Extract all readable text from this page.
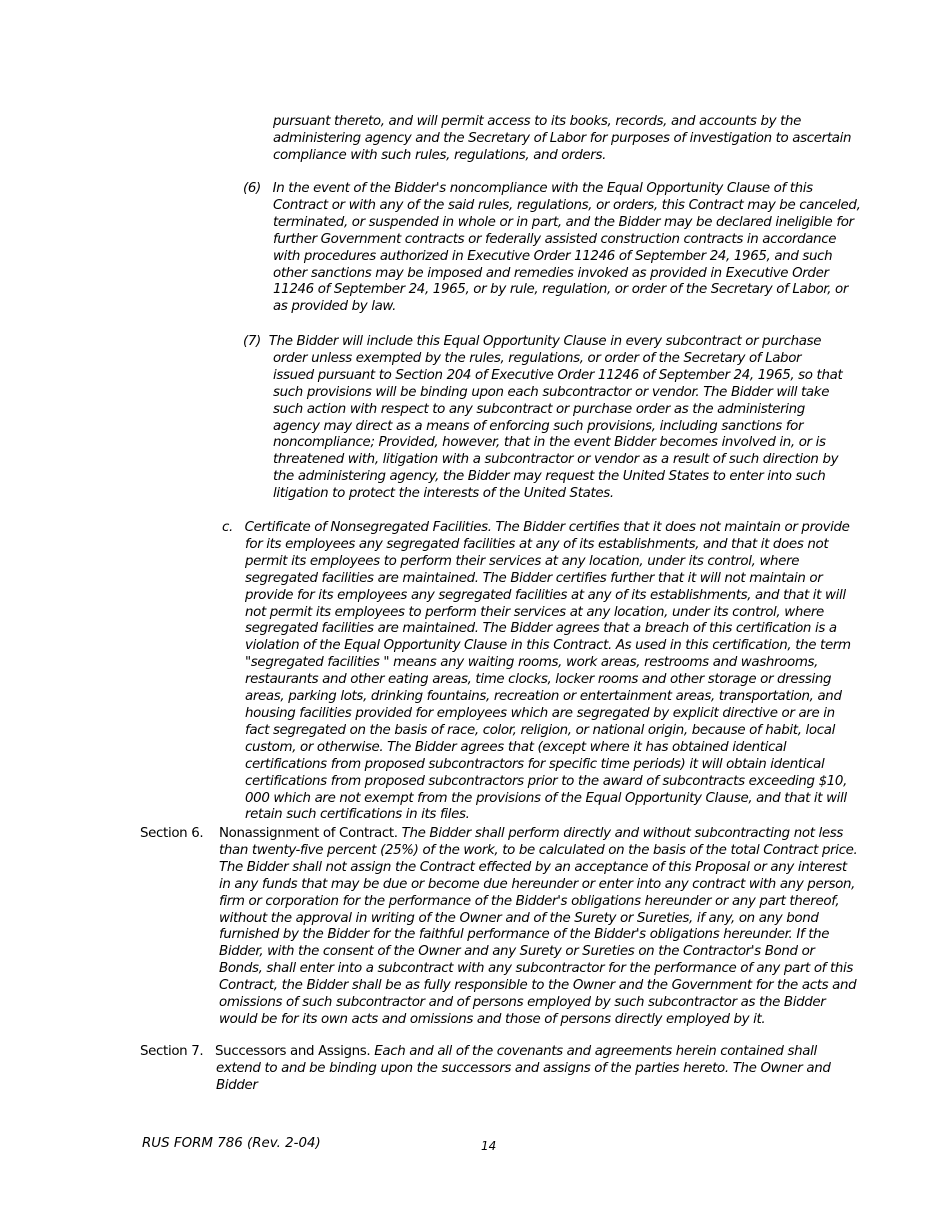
pursuant thereto, and will permit access to its books, records, and accounts by the administering agency and the Secretary of Labor for purposes of investigation to ascertain compliance with such rules, regulations, and orders.

(6) In the event of the Bidder's noncompliance with the Equal Opportunity Clause of this Contract or with any of the said rules, regulations, or orders, this Contract may be canceled, terminated, or suspended in whole or in part, and the Bidder may be declared ineligible for further Government contracts or federally assisted construction contracts in accordance with procedures authorized in Executive Order 11246 of September 24, 1965, and such other sanctions may be imposed and remedies invoked as provided in Executive Order 11246 of September 24, 1965, or by rule, regulation, or order of the Secretary of Labor, or as provided by law.

(7) The Bidder will include this Equal Opportunity Clause in every subcontract or purchase order unless exempted by the rules, regulations, or order of the Secretary of Labor issued pursuant to Section 204 of Executive Order 11246 of September 24, 1965, so that such provisions will be binding upon each subcontractor or vendor. The Bidder will take such action with respect to any subcontract or purchase order as the administering agency may direct as a means of enforcing such provisions, including sanctions for noncompliance; Provided, however, that in the event Bidder becomes involved in, or is threatened with, litigation with a subcontractor or vendor as a result of such direction by the administering agency, the Bidder may request the United States to enter into such litigation to protect the interests of the United States.

c. Certificate of Nonsegregated Facilities. The Bidder certifies that it does not maintain or provide for its employees any segregated facilities at any of its establishments, and that it does not permit its employees to perform their services at any location, under its control, where segregated facilities are maintained. The Bidder certifies further that it will not maintain or provide for its employees any segregated facilities at any of its establishments, and that it will not permit its employees to perform their services at any location, under its control, where segregated facilities are maintained. The Bidder agrees that a breach of this certification is a violation of the Equal Opportunity Clause in this Contract. As used in this certification, the term "segregated facilities " means any waiting rooms, work areas, restrooms and washrooms, restaurants and other eating areas, time clocks, locker rooms and other storage or dressing areas, parking lots, drinking fountains, recreation or entertainment areas, transportation, and housing facilities provided for employees which are segregated by explicit directive or are in fact segregated on the basis of race, color, religion, or national origin, because of habit, local custom, or otherwise. The Bidder agrees that (except where it has obtained identical certifications from proposed subcontractors for specific time periods) it will obtain identical certifications from proposed subcontractors prior to the award of subcontracts exceeding $10, 000 which are not exempt from the provisions of the Equal Opportunity Clause, and that it will retain such certifications in its files.

Section 6. Nonassignment of Contract. The Bidder shall perform directly and without subcontracting not less than twenty-five percent (25%) of the work, to be calculated on the basis of the total Contract price. The Bidder shall not assign the Contract effected by an acceptance of this Proposal or any interest in any funds that may be due or become due hereunder or enter into any contract with any person, firm or corporation for the performance of the Bidder's obligations hereunder or any part thereof, without the approval in writing of the Owner and of the Surety or Sureties, if any, on any bond furnished by the Bidder for the faithful performance of the Bidder's obligations hereunder. If the Bidder, with the consent of the Owner and any Surety or Sureties on the Contractor's Bond or Bonds, shall enter into a subcontract with any subcontractor for the performance of any part of this Contract, the Bidder shall be as fully responsible to the Owner and the Government for the acts and omissions of such subcontractor and of persons employed by such subcontractor as the Bidder would be for its own acts and omissions and those of persons directly employed by it.

Section 7. Successors and Assigns. Each and all of the covenants and agreements herein contained shall extend to and be binding upon the successors and assigns of the parties hereto. The Owner and Bidder

RUS FORM 786 (Rev. 2-04)	14
